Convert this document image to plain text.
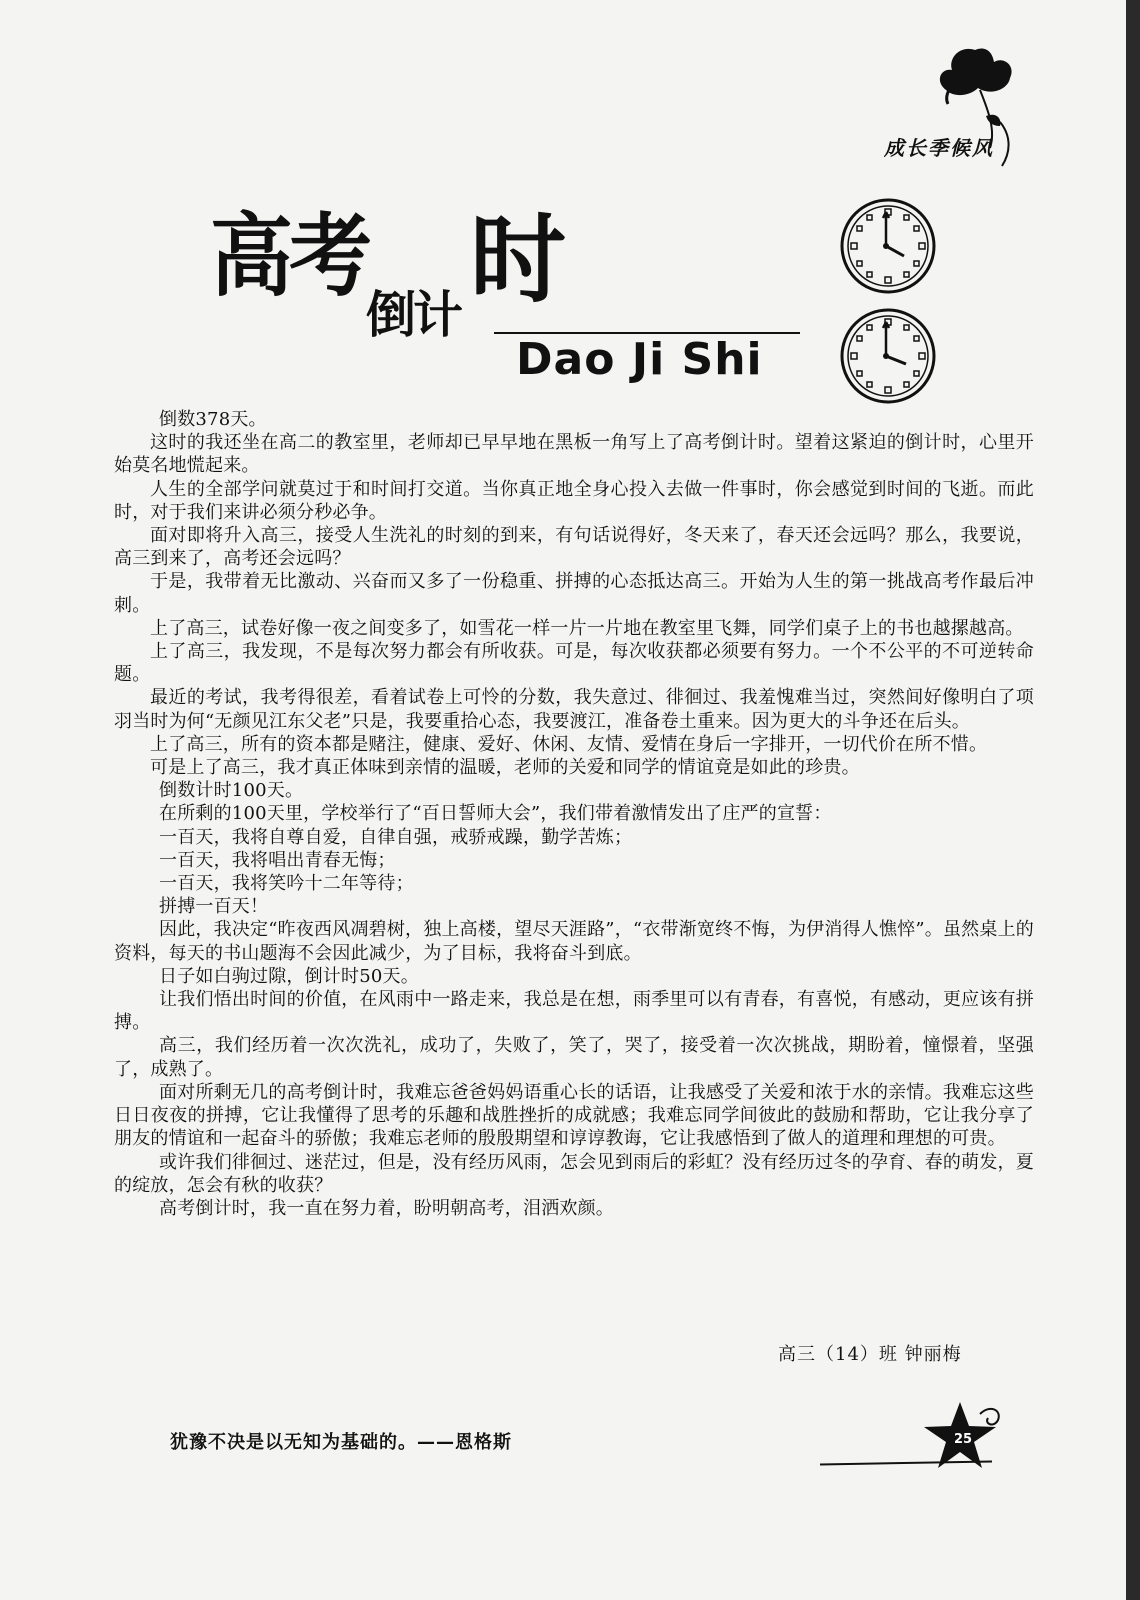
成长季候风
高考
倒计 时
Dao Ji Shi

倒数378天。

这时的我还坐在高二的教室里，老师却已早早地在黑板一角写上了高考倒计时。望着这紧迫的倒计时，心里开始莫名地慌起来。

人生的全部学问就莫过于和时间打交道。当你真正地全身心投入去做一件事时，你会感觉到时间的飞逝。而此时，对于我们来讲必须分秒必争。

面对即将升入高三，接受人生洗礼的时刻的到来，有句话说得好，冬天来了，春天还会远吗？那么，我要说，高三到来了，高考还会远吗？

于是，我带着无比激动、兴奋而又多了一份稳重、拼搏的心态抵达高三。开始为人生的第一挑战高考作最后冲刺。

上了高三，试卷好像一夜之间变多了，如雪花一样一片一片地在教室里飞舞，同学们桌子上的书也越摞越高。

上了高三，我发现，不是每次努力都会有所收获。可是，每次收获都必须要有努力。一个不公平的不可逆转命题。

最近的考试，我考得很差，看着试卷上可怜的分数，我失意过、徘徊过、我羞愧难当过，突然间好像明白了项羽当时为何“无颜见江东父老”只是，我要重拾心态，我要渡江，准备卷土重来。因为更大的斗争还在后头。

上了高三，所有的资本都是赌注，健康、爱好、休闲、友情、爱情在身后一字排开，一切代价在所不惜。

可是上了高三，我才真正体味到亲情的温暖，老师的关爱和同学的情谊竟是如此的珍贵。

倒数计时100天。

在所剩的100天里，学校举行了“百日誓师大会”，我们带着激情发出了庄严的宣誓：

一百天，我将自尊自爱，自律自强，戒骄戒躁，勤学苦炼；

一百天，我将唱出青春无悔；

一百天，我将笑吟十二年等待；

拼搏一百天！

因此，我决定“昨夜西风凋碧树，独上高楼，望尽天涯路”，“衣带渐宽终不悔，为伊消得人憔悴”。虽然桌上的资料，每天的书山题海不会因此减少，为了目标，我将奋斗到底。

日子如白驹过隙，倒计时50天。

让我们悟出时间的价值，在风雨中一路走来，我总是在想，雨季里可以有青春，有喜悦，有感动，更应该有拼搏。

高三，我们经历着一次次洗礼，成功了，失败了，笑了，哭了，接受着一次次挑战，期盼着，憧憬着，坚强了，成熟了。

面对所剩无几的高考倒计时，我难忘爸爸妈妈语重心长的话语，让我感受了关爱和浓于水的亲情。我难忘这些日日夜夜的拼搏，它让我懂得了思考的乐趣和战胜挫折的成就感；我难忘同学间彼此的鼓励和帮助，它让我分享了朋友的情谊和一起奋斗的骄傲；我难忘老师的殷殷期望和谆谆教诲，它让我感悟到了做人的道理和理想的可贵。

或许我们徘徊过、迷茫过，但是，没有经历风雨，怎会见到雨后的彩虹？没有经历过冬的孕育、春的萌发，夏的绽放，怎会有秋的收获？

高考倒计时，我一直在努力着，盼明朝高考，泪洒欢颜。

高三（14）班 钟丽梅
犹豫不决是以无知为基础的。——恩格斯	25
